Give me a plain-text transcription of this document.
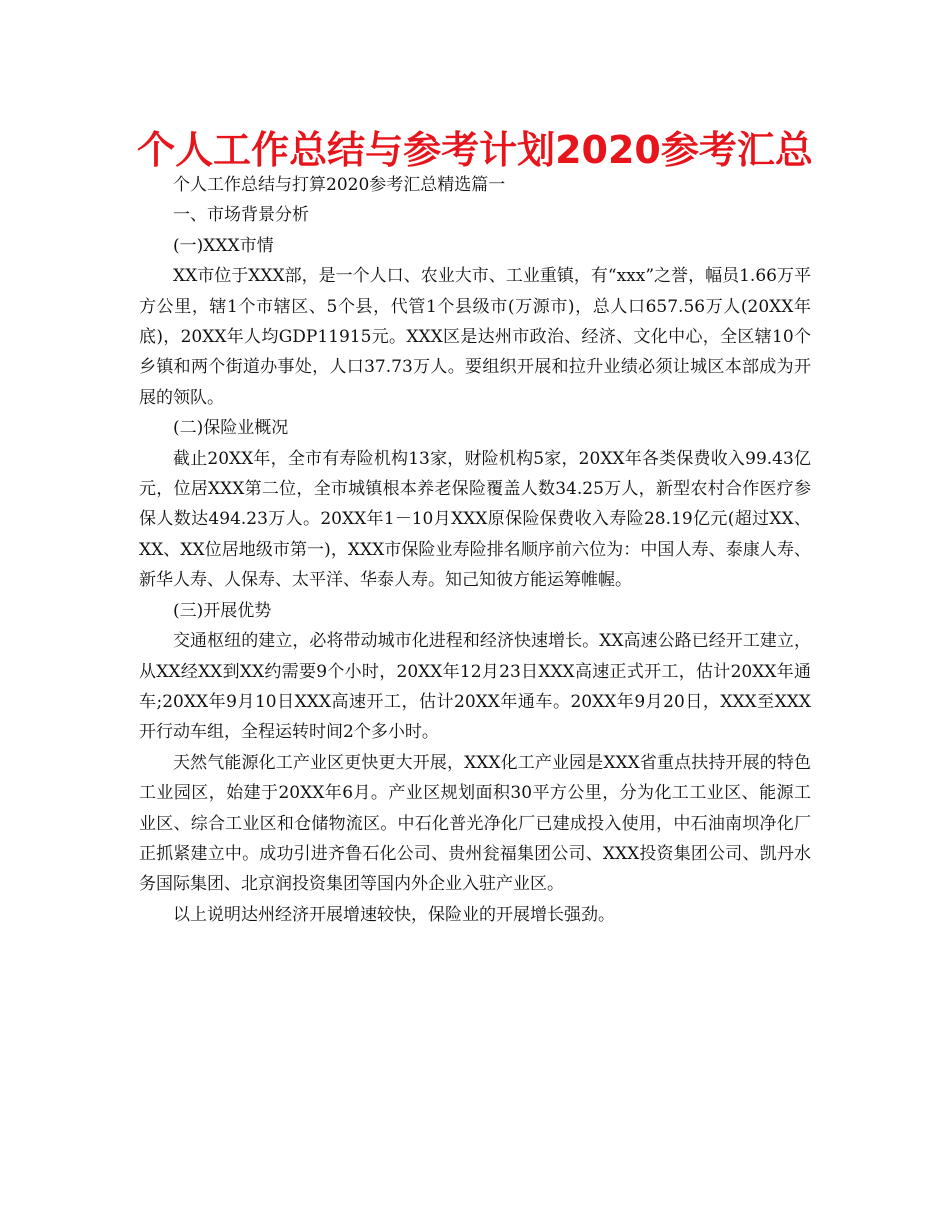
个人工作总结与参考计划2020参考汇总

个人工作总结与打算2020参考汇总精选篇一

一、市场背景分析

(一)XXX市情

XX市位于XXX部，是一个人口、农业大市、工业重镇，有“xxx”之誉，幅员1.66万平方公里，辖1个市辖区、5个县，代管1个县级市(万源市)，总人口657.56万人(20XX年底)，20XX年人均GDP11915元。XXX区是达州市政治、经济、文化中心，全区辖10个乡镇和两个街道办事处，人口37.73万人。要组织开展和拉升业绩必须让城区本部成为开展的领队。

(二)保险业概况

截止20XX年，全市有寿险机构13家，财险机构5家，20XX年各类保费收入99.43亿元，位居XXX第二位，全市城镇根本养老保险覆盖人数34.25万人，新型农村合作医疗参保人数达494.23万人。20XX年1－10月XXX原保险保费收入寿险28.19亿元(超过XX、XX、XX位居地级市第一)，XXX市保险业寿险排名顺序前六位为：中国人寿、泰康人寿、新华人寿、人保寿、太平洋、华泰人寿。知己知彼方能运筹帷幄。

(三)开展优势

交通枢纽的建立，必将带动城市化进程和经济快速增长。XX高速公路已经开工建立，从XX经XX到XX约需要9个小时，20XX年12月23日XXX高速正式开工，估计20XX年通车;20XX年9月10日XXX高速开工，估计20XX年通车。20XX年9月20日，XXX至XXX开行动车组，全程运转时间2个多小时。

天然气能源化工产业区更快更大开展，XXX化工产业园是XXX省重点扶持开展的特色工业园区，始建于20XX年6月。产业区规划面积30平方公里，分为化工工业区、能源工业区、综合工业区和仓储物流区。中石化普光净化厂已建成投入使用，中石油南坝净化厂正抓紧建立中。成功引进齐鲁石化公司、贵州瓮福集团公司、XXX投资集团公司、凯丹水务国际集团、北京润投资集团等国内外企业入驻产业区。

以上说明达州经济开展增速较快，保险业的开展增长强劲。
